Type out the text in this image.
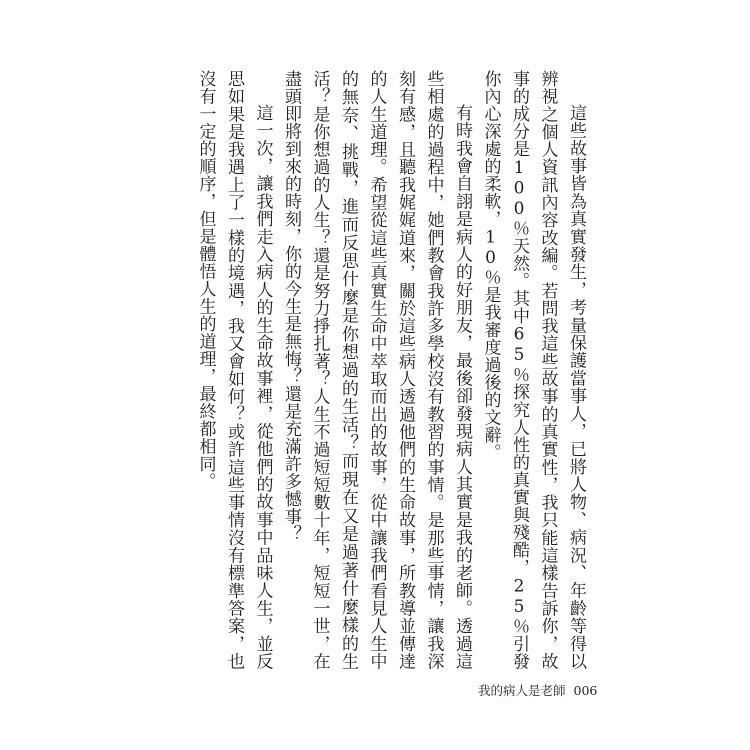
這些故事皆為真實發生，考量保護當事人，已將人物、病況、年齡等得以辨視之個人資訊內容改編。若問我這些故事的真實性，我只能這樣告訴你，故事的成分是100％天然。其中65％探究人性的真實與殘酷，25％引發你內心深處的柔軟，10％是我審度過後的文辭。

有時我會自詡是病人的好朋友，最後卻發現病人其實是我的老師。透過這些相處的過程中，她們教會我許多學校沒有教習的事情。是那些事情，讓我深刻有感，且聽我娓娓道來，關於這些病人透過他們的生命故事，所教導並傳達的人生道理。希望從這些真實生命中萃取而出的故事，從中讓我們看見人生中的無奈、挑戰，進而反思什麼是你想過的生活？而現在又是過著什麼樣的生活？是你想過的人生？還是努力掙扎著？人生不過短短數十年，短短一世，在盡頭即將到來的時刻，你的今生是無悔？還是充滿許多憾事？

這一次，讓我們走入病人的生命故事裡，從他們的故事中品味人生，並反思如果是我遇上了一樣的境遇，我又會如何？或許這些事情沒有標準答案，也沒有一定的順序，但是體悟人生的道理，最終都相同。

我的病人是老師 006
